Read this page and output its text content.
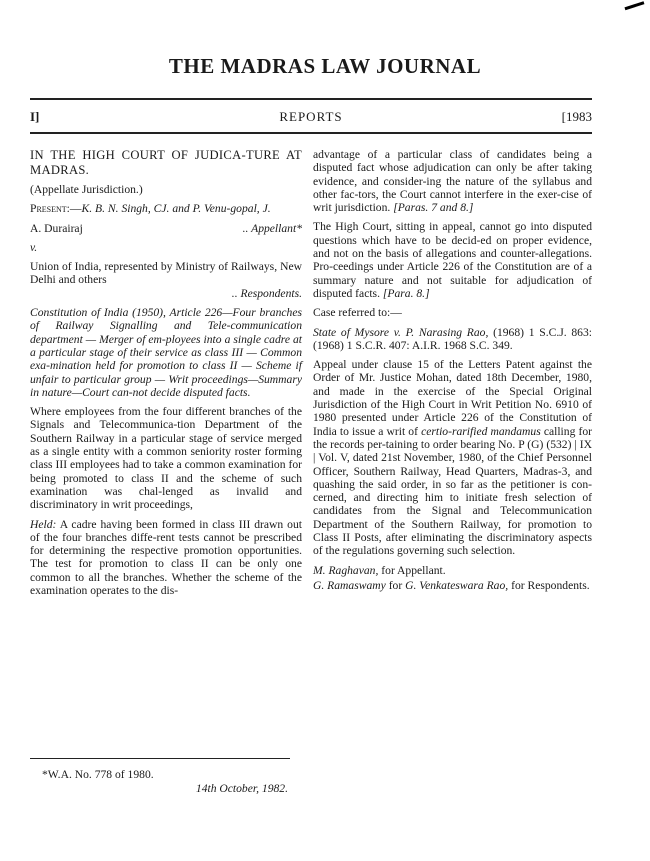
THE MADRAS LAW JOURNAL
I]	REPORTS	[1983

IN THE HIGH COURT OF JUDICA-TURE AT MADRAS.

(Appellate Jurisdiction.)

Present:—K. B. N. Singh, CJ. and P. Venu-gopal, J.

A. Durairaj	.. Appellant*

v.

Union of India, represented by Ministry of Railways, New Delhi and others

.. Respondents.

Constitution of India (1950), Article 226—Four branches of Railway Signalling and Tele-communication department — Merger of em-ployees into a single cadre at a particular stage of their service as class III — Common exa-mination held for promotion to class II — Scheme if unfair to particular group — Writ proceedings—Summary in nature—Court can-not decide disputed facts.

Where employees from the four different branches of the Signals and Telecommunica-tion Department of the Southern Railway in a particular stage of service merged as a single entity with a common seniority roster forming class III employees had to take a common examination for being promoted to class II and the scheme of such examination was chal-lenged as invalid and discriminatory in writ proceedings,

Held: A cadre having been formed in class III drawn out of the four branches diffe-rent tests cannot be prescribed for determining the respective promotion opportunities. The test for promotion to class II can be only one common to all the branches. Whether the scheme of the examination operates to the dis-

advantage of a particular class of candidates being a disputed fact whose adjudication can only be after taking evidence, and consider-ing the nature of the syllabus and other fac-tors, the Court cannot interfere in the exer-cise of writ jurisdiction. [Paras. 7 and 8.]

The High Court, sitting in appeal, cannot go into disputed questions which have to be decid-ed on proper evidence, and not on the basis of allegations and counter-allegations. Pro-ceedings under Article 226 of the Constitution are of a summary nature and not suitable for adjudication of disputed facts. [Para. 8.]

Case referred to:—

State of Mysore v. P. Narasing Rao, (1968) 1 S.C.J. 863: (1968) 1 S.C.R. 407: A.I.R. 1968 S.C. 349.

Appeal under clause 15 of the Letters Patent against the Order of Mr. Justice Mohan, dated 18th December, 1980, and made in the exercise of the Special Original Jurisdiction of the High Court in Writ Petition No. 6910 of 1980 presented under Article 226 of the Constitution of India to issue a writ of certio-rarified mandamus calling for the records per-taining to order bearing No. P (G) (532) | IX | Vol. V, dated 21st November, 1980, of the Chief Personnel Officer, Southern Railway, Head Quarters, Madras-3, and quashing the said order, in so far as the petitioner is con-cerned, and directing him to initiate fresh selection of candidates from the Signal and Telecommunication Department of the Southern Railway, for promotion to Class II Posts, after eliminating the discriminatory aspects of the regulations governing such selection.

M. Raghavan, for Appellant.

G. Ramaswamy for G. Venkateswara Rao, for Respondents.

*W.A. No. 778 of 1980.
14th October, 1982.
